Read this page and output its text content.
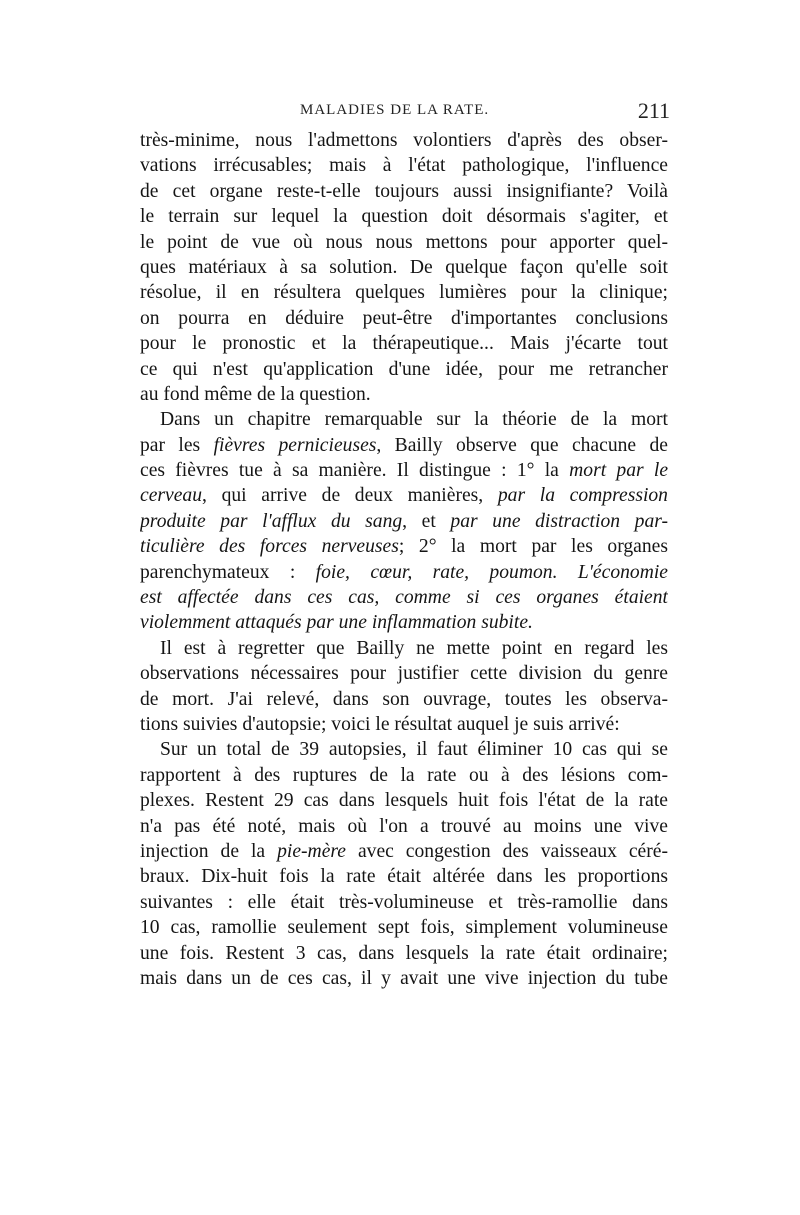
MALADIES DE LA RATE.	211
très-minime, nous l'admettons volontiers d'après des obser-
vations irrécusables; mais à l'état pathologique, l'influence
de cet organe reste-t-elle toujours aussi insignifiante? Voilà
le terrain sur lequel la question doit désormais s'agiter, et
le point de vue où nous nous mettons pour apporter quel-
ques matériaux à sa solution. De quelque façon qu'elle soit
résolue, il en résultera quelques lumières pour la clinique;
on pourra en déduire peut-être d'importantes conclusions
pour le pronostic et la thérapeutique... Mais j'écarte tout
ce qui n'est qu'application d'une idée, pour me retrancher
au fond même de la question.
Dans un chapitre remarquable sur la théorie de la mort
par les fièvres pernicieuses, Bailly observe que chacune de
ces fièvres tue à sa manière. Il distingue : 1° la mort par le
cerveau, qui arrive de deux manières, par la compression
produite par l'afflux du sang, et par une distraction par-
ticulière des forces nerveuses; 2° la mort par les organes
parenchymateux : foie, cœur, rate, poumon. L'économie
est affectée dans ces cas, comme si ces organes étaient
violemment attaqués par une inflammation subite.
Il est à regretter que Bailly ne mette point en regard les
observations nécessaires pour justifier cette division du genre
de mort. J'ai relevé, dans son ouvrage, toutes les observa-
tions suivies d'autopsie; voici le résultat auquel je suis arrivé:
Sur un total de 39 autopsies, il faut éliminer 10 cas qui se
rapportent à des ruptures de la rate ou à des lésions com-
plexes. Restent 29 cas dans lesquels huit fois l'état de la rate
n'a pas été noté, mais où l'on a trouvé au moins une vive
injection de la pie-mère avec congestion des vaisseaux céré-
braux. Dix-huit fois la rate était altérée dans les proportions
suivantes : elle était très-volumineuse et très-ramollie dans
10 cas, ramollie seulement sept fois, simplement volumineuse
une fois. Restent 3 cas, dans lesquels la rate était ordinaire;
mais dans un de ces cas, il y avait une vive injection du tube
